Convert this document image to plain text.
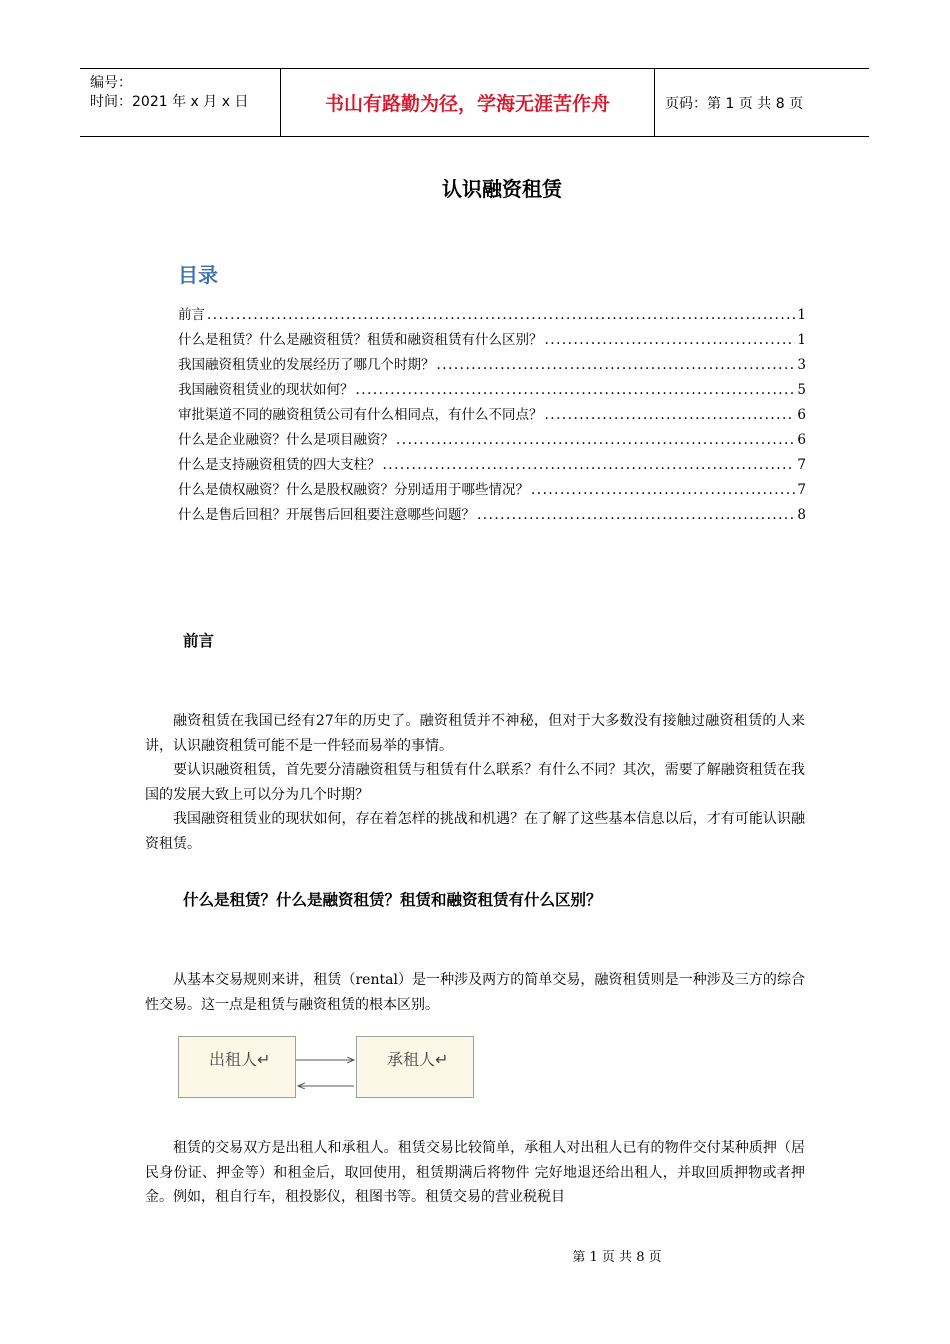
编号：
时间：2021 年 x 月 x 日	书山有路勤为径，学海无涯苦作舟	页码：第 1 页 共 8 页
认识融资租赁
目录
前言 .....	1
什么是租赁？什么是融资租赁？租赁和融资租赁有什么区别？ .....	1
我国融资租赁业的发展经历了哪几个时期？ .....	3
我国融资租赁业的现状如何？ .....	5
审批渠道不同的融资租赁公司有什么相同点，有什么不同点？ .....	6
什么是企业融资？什么是项目融资？ .....	6
什么是支持融资租赁的四大支柱？ .....	7
什么是债权融资？什么是股权融资？分别适用于哪些情况？ .....	7
什么是售后回租？开展售后回租要注意哪些问题？ .....	8
前言

融资租赁在我国已经有27年的历史了。融资租赁并不神秘，但对于大多数没有接触过融资租赁的人来讲，认识融资租赁可能不是一件轻而易举的事情。

要认识融资租赁，首先要分清融资租赁与租赁有什么联系？有什么不同？其次，需要了解融资租赁在我国的发展大致上可以分为几个时期？

我国融资租赁业的现状如何，存在着怎样的挑战和机遇？在了解了这些基本信息以后，才有可能认识融资租赁。

什么是租赁？什么是融资租赁？租赁和融资租赁有什么区别？

从基本交易规则来讲，租赁（rental）是一种涉及两方的简单交易，融资租赁则是一种涉及三方的综合性交易。这一点是租赁与融资租赁的根本区别。

出租人↵	承租人↵

租赁的交易双方是出租人和承租人。租赁交易比较简单，承租人对出租人已有的物件交付某种质押（居民身份证、押金等）和租金后，取回使用，租赁期满后将物件 完好地退还给出租人，并取回质押物或者押金。例如，租自行车，租投影仪，租图书等。租赁交易的营业税税目

第 1 页 共 8 页
